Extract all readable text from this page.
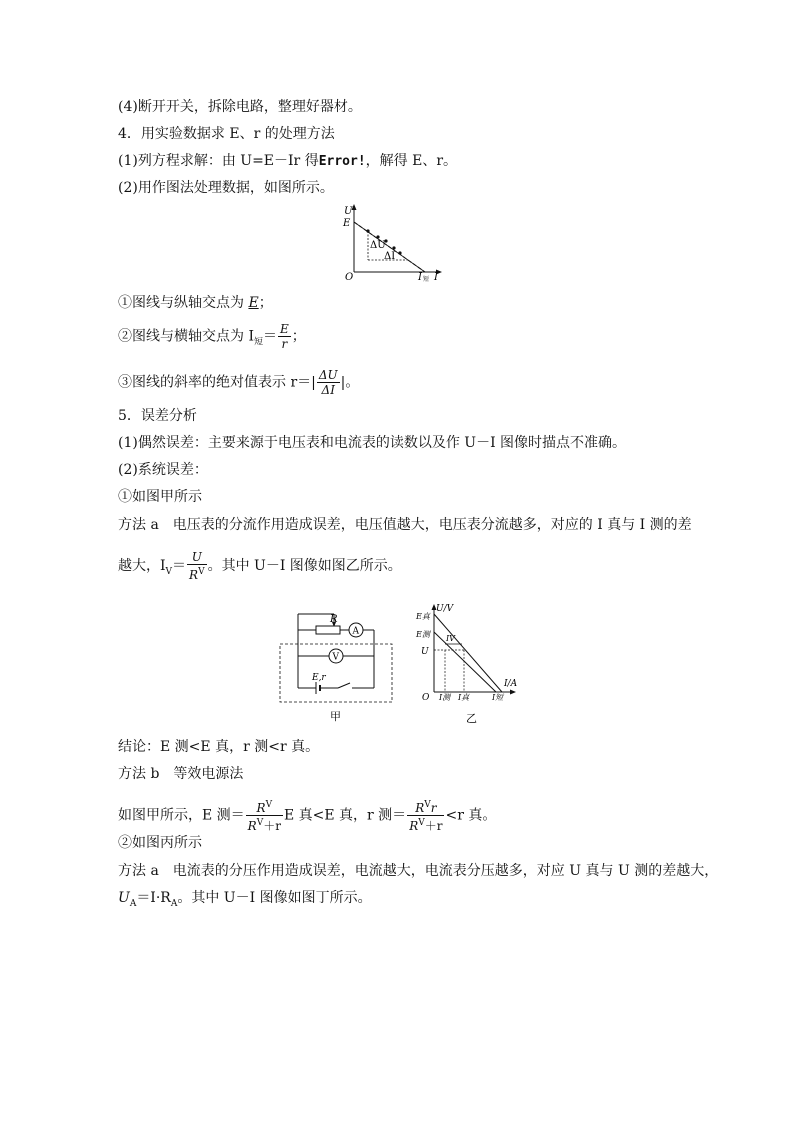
(4)断开开关，拆除电路，整理好器材。
4．用实验数据求 E、r 的处理方法
(1)列方程求解：由 U=E－Ir 得Error!，解得 E、r。
(2)用作图法处理数据，如图所示。
U
E
O
ΔU
ΔI
I 短 I
①图线与纵轴交点为 E；
②图线与横轴交点为 $I_短= \frac{E}{r}$ ；
③图线的斜率的绝对值表示 $r=| \frac{\Delta U}{\Delta I}$ |。
5．误差分析
(1)偶然误差：主要来源于电压表和电流表的读数以及作 U－I 图像时描点不准确。
(2)系统误差：
①如图甲所示
方法 a　电压表的分流作用造成误差，电压值越大，电压表分流越多，对应的 I 真与 I 测的差
越大，$I_V= \frac{U}{R^V}$ 。其中 U－I 图像如图乙所示。
R
A
V
E,r
甲
U/V
E真
E测
U
IV
O I测 I真	I短
I/A
乙
结论：E 测<E 真，r 测<r 真。
方法 b　等效电源法
如图甲所示，E 测＝ $\frac{R^V}{R^V+r}$ E 真<E 真，r 测＝ $\frac{R^Vr}{R^V+r} <r$ 真。
②如图丙所示
方法 a　电流表的分压作用造成误差，电流越大，电流表分压越多，对应 U 真与 U 测的差越大，
$U_A=I\cdot R_A$。其中 U－I 图像如图丁所示。
